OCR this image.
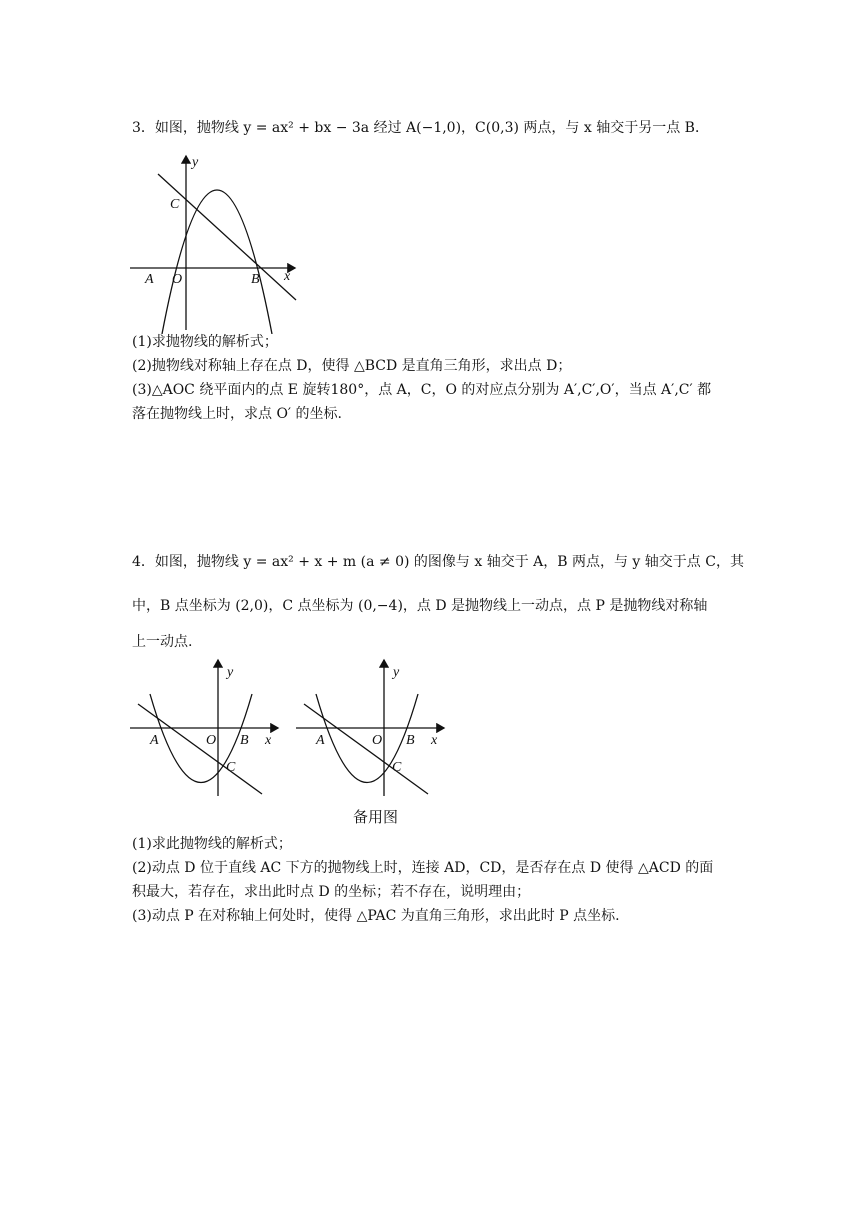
3．如图，抛物线 y = ax² + bx − 3a 经过 A(−1,0)，C(0,3) 两点，与 x 轴交于另一点 B．
y
x
C
A O	B
(1)求抛物线的解析式；
(2)抛物线对称轴上存在点 D，使得 △BCD 是直角三角形，求出点 D；
(3)△AOC 绕平面内的点 E 旋转180°，点 A，C，O 的对应点分别为 A′,C′,O′，当点 A′,C′ 都
落在抛物线上时，求点 O′ 的坐标.
4．如图，抛物线 y = ax² + x + m (a ≠ 0) 的图像与 x 轴交于 A，B 两点，与 y 轴交于点 C，其
中，B 点坐标为 (2,0)，C 点坐标为 (0,−4)，点 D 是抛物线上一动点，点 P 是抛物线对称轴
上一动点.
y
x
A	O B
C
y
x
A	O B
C
备用图
(1)求此抛物线的解析式；
(2)动点 D 位于直线 AC 下方的抛物线上时，连接 AD，CD，是否存在点 D 使得 △ACD 的面
积最大，若存在，求出此时点 D 的坐标；若不存在，说明理由；
(3)动点 P 在对称轴上何处时，使得 △PAC 为直角三角形，求出此时 P 点坐标.
